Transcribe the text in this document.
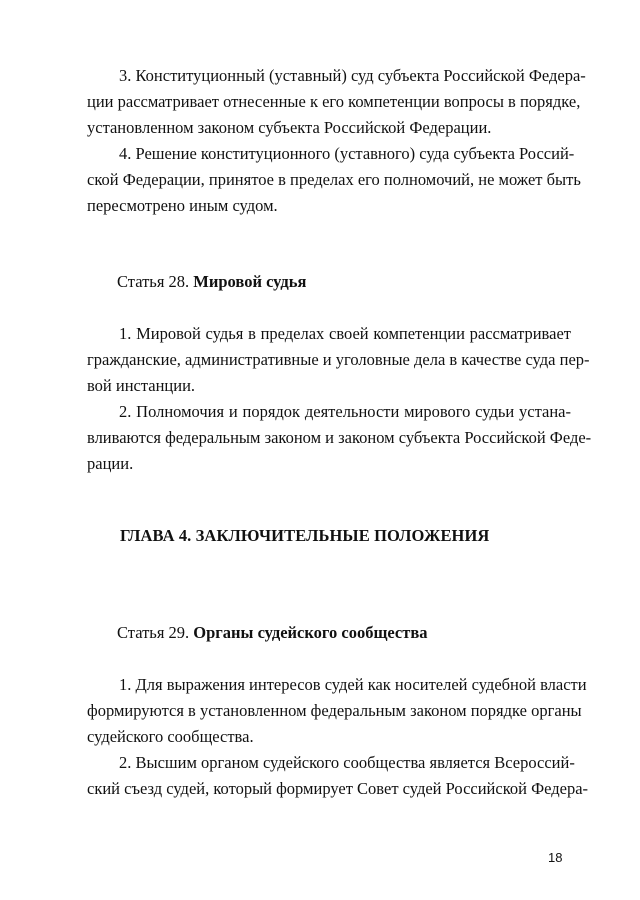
3. Конституционный (уставный) суд субъекта Российской Федера-
ции рассматривает отнесенные к его компетенции вопросы в порядке,
установленном законом субъекта Российской Федерации.

4. Решение конституционного (уставного) суда субъекта Россий-
ской Федерации, принятое в пределах его полномочий, не может быть
пересмотрено иным судом.

Статья 28. Мировой судья

1. Мировой судья в пределах своей компетенции рассматривает
гражданские, административные и уголовные дела в качестве суда пер-
вой инстанции.

2. Полномочия и порядок деятельности мирового судьи устана-
вливаются федеральным законом и законом субъекта Российской Феде-
рации.

ГЛАВА 4. ЗАКЛЮЧИТЕЛЬНЫЕ ПОЛОЖЕНИЯ

Статья 29. Органы судейского сообщества

1. Для выражения интересов судей как носителей судебной власти
формируются в установленном федеральным законом порядке органы
судейского сообщества.

2. Высшим органом судейского сообщества является Всероссий-
ский съезд судей, который формирует Совет судей Российской Федера-

18
